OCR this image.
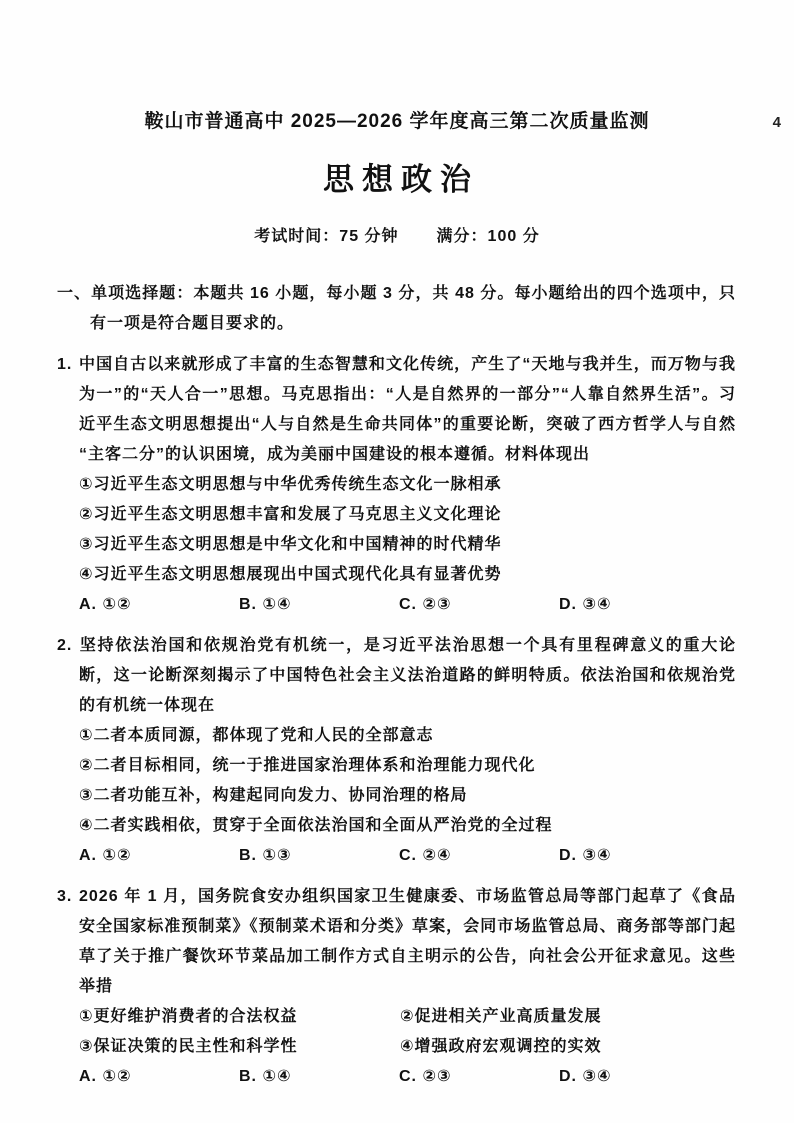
4
鞍山市普通高中 2025—2026 学年度高三第二次质量监测
思想政治
考试时间：75 分钟 满分：100 分

一、单项选择题：本题共 16 小题，每小题 3 分，共 48 分。每小题给出的四个选项中，只有一项是符合题目要求的。

1. 中国自古以来就形成了丰富的生态智慧和文化传统，产生了“天地与我并生，而万物与我为一”的“天人合一”思想。马克思指出：“人是自然界的一部分”“人靠自然界生活”。习近平生态文明思想提出“人与自然是生命共同体”的重要论断，突破了西方哲学人与自然“主客二分”的认识困境，成为美丽中国建设的根本遵循。材料体现出

①习近平生态文明思想与中华优秀传统生态文化一脉相承

②习近平生态文明思想丰富和发展了马克思主义文化理论

③习近平生态文明思想是中华文化和中国精神的时代精华

④习近平生态文明思想展现出中国式现代化具有显著优势

A. ①②	B. ①④	C. ②③	D. ③④

2. 坚持依法治国和依规治党有机统一，是习近平法治思想一个具有里程碑意义的重大论断，这一论断深刻揭示了中国特色社会主义法治道路的鲜明特质。依法治国和依规治党的有机统一体现在

①二者本质同源，都体现了党和人民的全部意志

②二者目标相同，统一于推进国家治理体系和治理能力现代化

③二者功能互补，构建起同向发力、协同治理的格局

④二者实践相依，贯穿于全面依法治国和全面从严治党的全过程

A. ①②	B. ①③	C. ②④	D. ③④

3. 2026 年 1 月，国务院食安办组织国家卫生健康委、市场监管总局等部门起草了《食品安全国家标准预制菜》《预制菜术语和分类》草案，会同市场监管总局、商务部等部门起草了关于推广餐饮环节菜品加工制作方式自主明示的公告，向社会公开征求意见。这些举措

①更好维护消费者的合法权益	②促进相关产业高质量发展
③保证决策的民主性和科学性	④增强政府宏观调控的实效
A. ①②	B. ①④	C. ②③	D. ③④
